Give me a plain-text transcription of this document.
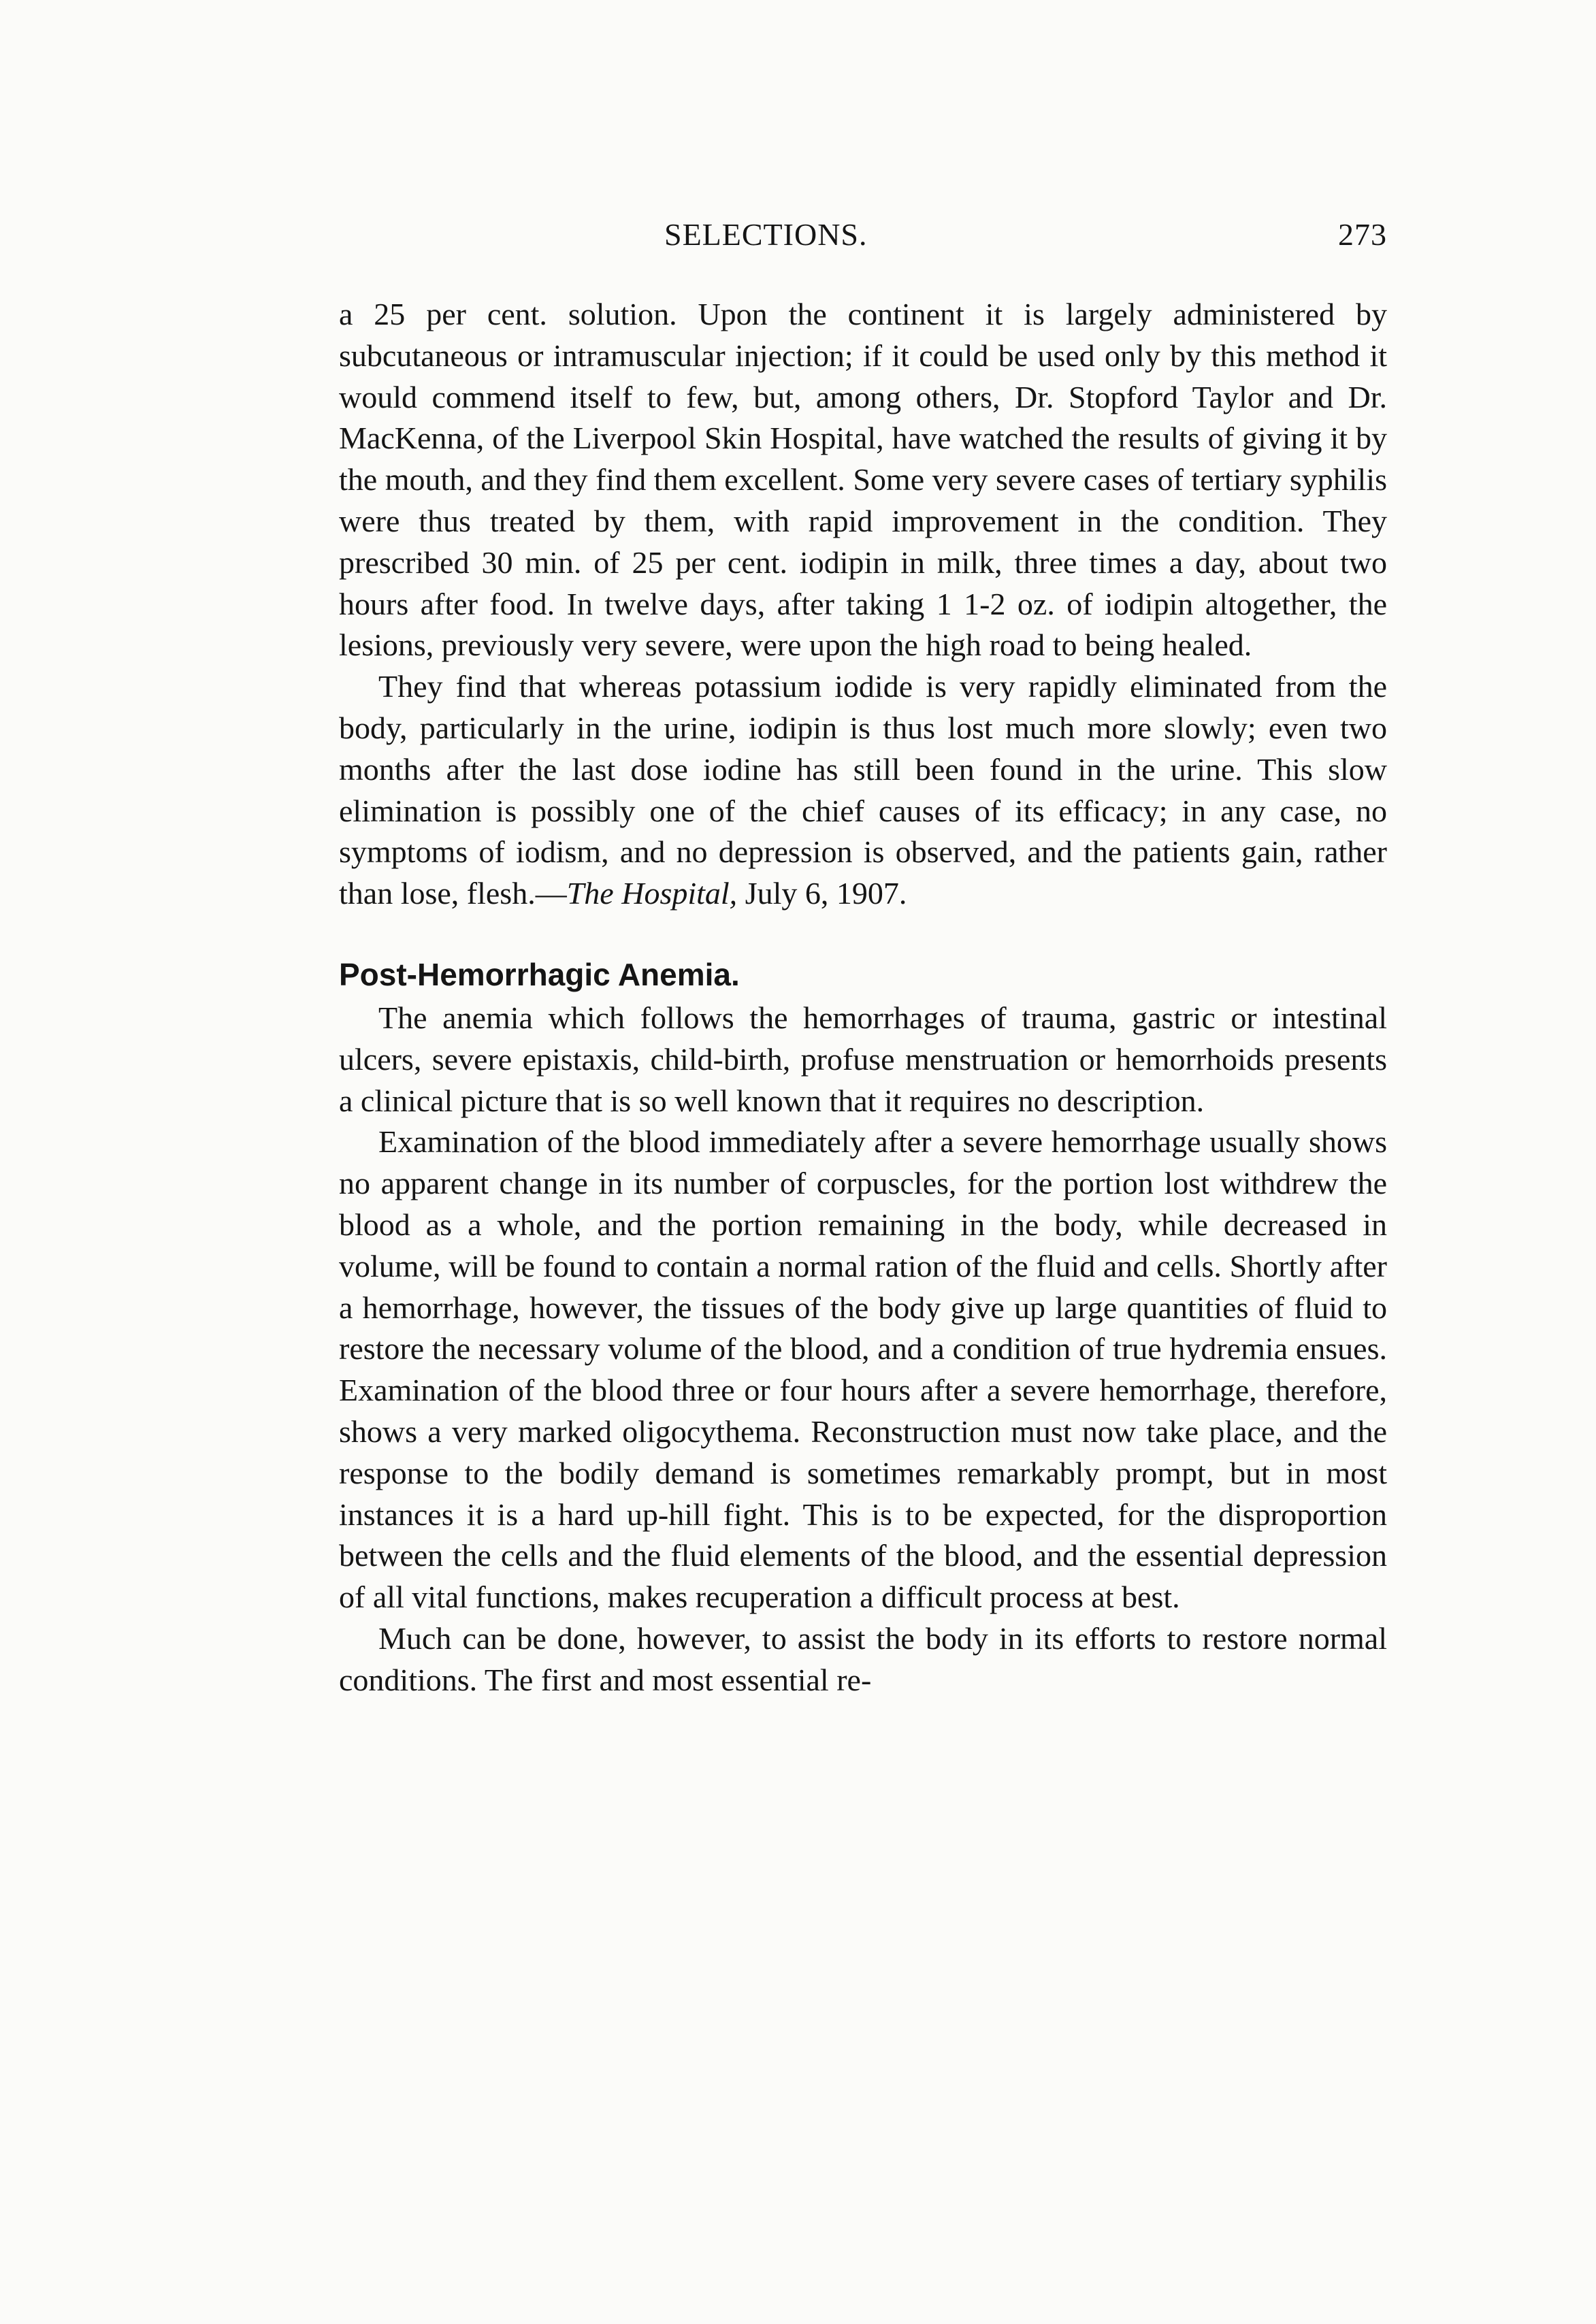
SELECTIONS.	273

a 25 per cent. solution. Upon the continent it is largely administered by subcutaneous or intramuscular injection; if it could be used only by this method it would commend itself to few, but, among others, Dr. Stopford Taylor and Dr. MacKenna, of the Liverpool Skin Hospital, have watched the results of giving it by the mouth, and they find them excellent. Some very severe cases of tertiary syphilis were thus treated by them, with rapid improvement in the condition. They prescribed 30 min. of 25 per cent. iodipin in milk, three times a day, about two hours after food. In twelve days, after taking 1 1-2 oz. of iodipin altogether, the lesions, previously very severe, were upon the high road to being healed.

They find that whereas potassium iodide is very rapidly eliminated from the body, particularly in the urine, iodipin is thus lost much more slowly; even two months after the last dose iodine has still been found in the urine. This slow elimination is possibly one of the chief causes of its efficacy; in any case, no symptoms of iodism, and no depression is observed, and the patients gain, rather than lose, flesh.—The Hospital, July 6, 1907.

Post-Hemorrhagic Anemia.

The anemia which follows the hemorrhages of trauma, gastric or intestinal ulcers, severe epistaxis, child-birth, profuse menstruation or hemorrhoids presents a clinical picture that is so well known that it requires no description.

Examination of the blood immediately after a severe hemorrhage usually shows no apparent change in its number of corpuscles, for the portion lost withdrew the blood as a whole, and the portion remaining in the body, while decreased in volume, will be found to contain a normal ration of the fluid and cells. Shortly after a hemorrhage, however, the tissues of the body give up large quantities of fluid to restore the necessary volume of the blood, and a condition of true hydremia ensues. Examination of the blood three or four hours after a severe hemorrhage, therefore, shows a very marked oligocythema. Reconstruction must now take place, and the response to the bodily demand is sometimes remarkably prompt, but in most instances it is a hard up-hill fight. This is to be expected, for the disproportion between the cells and the fluid elements of the blood, and the essential depression of all vital functions, makes recuperation a difficult process at best.

Much can be done, however, to assist the body in its efforts to restore normal conditions. The first and most essential re-
